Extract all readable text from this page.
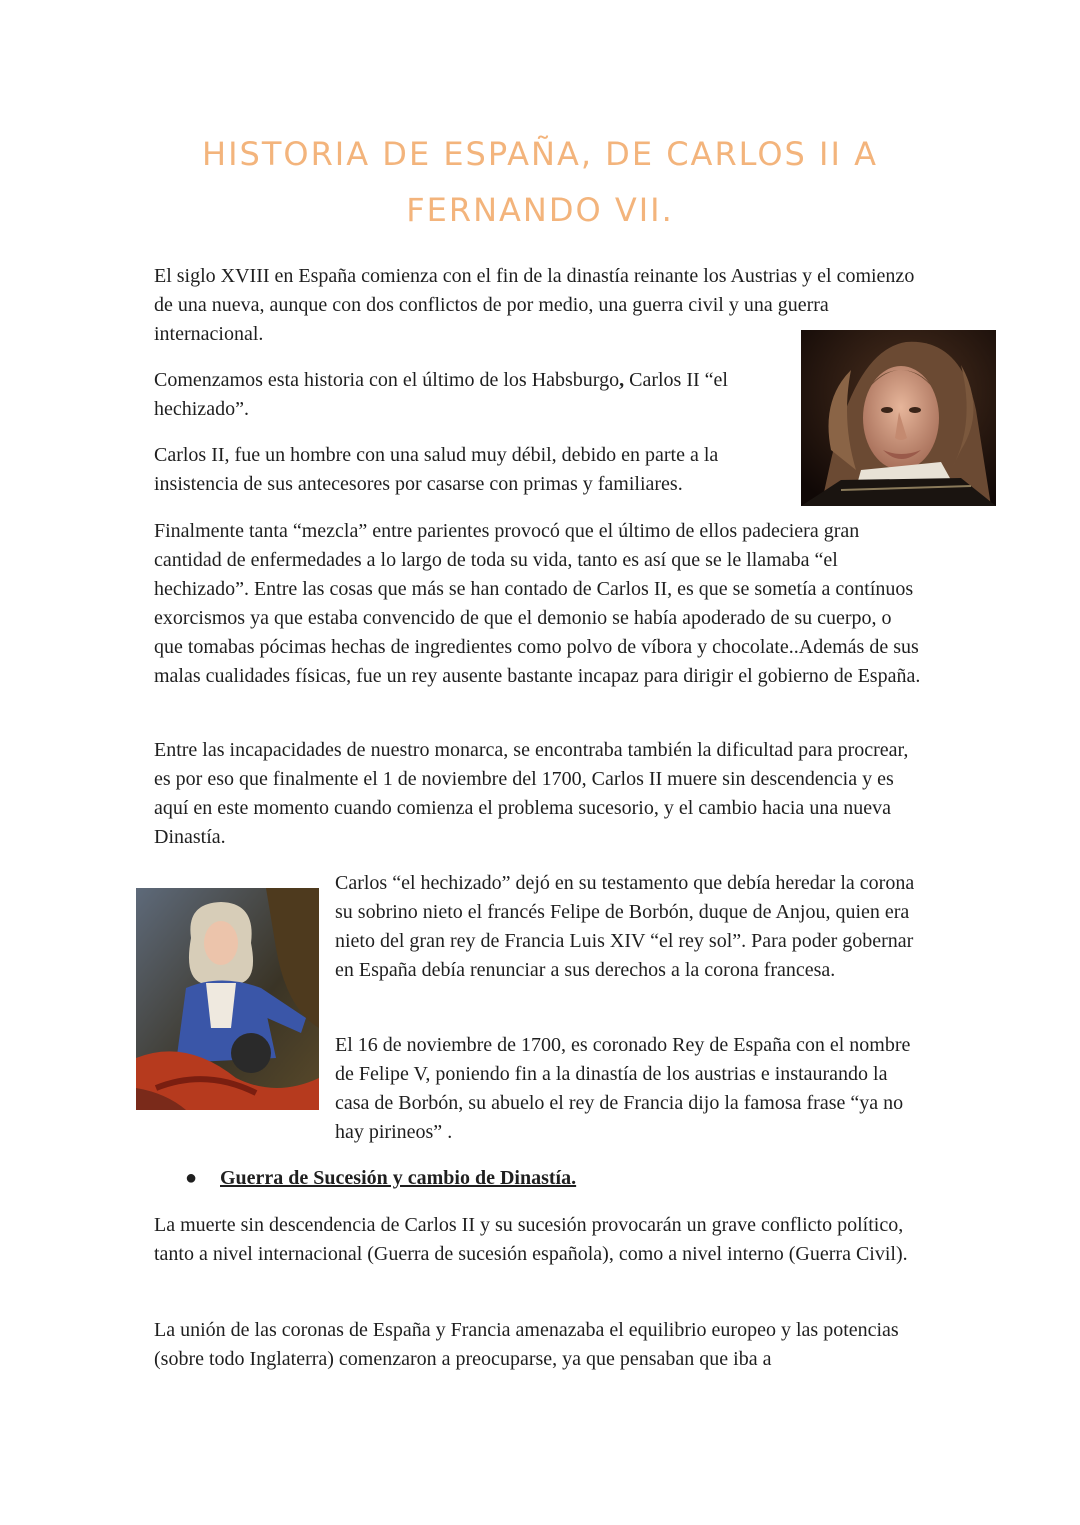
HISTORIA DE ESPAÑA, DE CARLOS II A
FERNANDO VII.

El siglo XVIII en España comienza con el fin de la dinastía reinante los Austrias y el comienzo de una nueva, aunque con dos conflictos de por medio, una guerra civil y una guerra internacional.

Comenzamos esta historia con el último de los Habsburgo, Carlos II “el hechizado”.

Carlos II, fue un hombre con una salud muy débil, debido en parte a la insistencia de sus antecesores por casarse con primas y familiares.

Finalmente tanta “mezcla” entre parientes provocó que el último de ellos padeciera gran cantidad de enfermedades a lo largo de toda su vida, tanto es así que se le llamaba “el hechizado”. Entre las cosas que más se han contado de Carlos II, es que se sometía a contínuos exorcismos ya que estaba convencido de que el demonio se había apoderado de su cuerpo, o que tomabas pócimas hechas de ingredientes como polvo de víbora y chocolate..Además de sus malas cualidades físicas, fue un rey ausente bastante incapaz para dirigir el gobierno de España.

Entre las incapacidades de nuestro monarca, se encontraba también la dificultad para procrear, es por eso que finalmente el 1 de noviembre del 1700, Carlos II muere sin descendencia y es aquí en este momento cuando comienza el problema sucesorio, y el cambio hacia una nueva Dinastía.

Carlos “el hechizado” dejó en su testamento que debía heredar la corona su sobrino nieto el francés Felipe de Borbón, duque de Anjou, quien era nieto del gran rey de Francia Luis XIV “el rey sol”. Para poder gobernar en España debía renunciar a sus derechos a la corona francesa.

El 16 de noviembre de 1700, es coronado Rey de España con el nombre de Felipe V, poniendo fin a la dinastía de los austrias e instaurando la casa de Borbón, su abuelo el rey de Francia dijo la famosa frase “ya no hay pirineos” .

● Guerra de Sucesión y cambio de Dinastía.

La muerte sin descendencia de Carlos II y su sucesión provocarán un grave conflicto político, tanto a nivel internacional (Guerra de sucesión española), como a nivel interno (Guerra Civil).

La unión de las coronas de España y Francia amenazaba el equilibrio europeo y las potencias (sobre todo Inglaterra) comenzaron a preocuparse, ya que pensaban que iba a
